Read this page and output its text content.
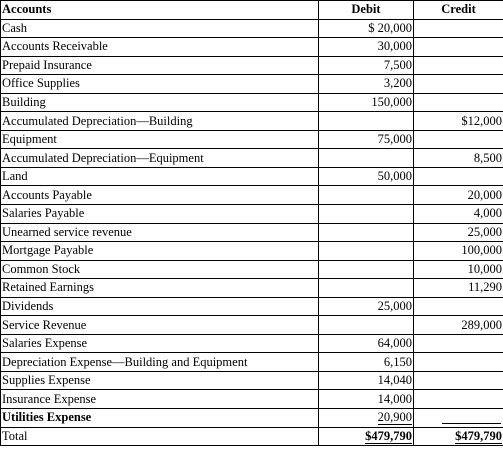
Accounts	Debit	Credit
Cash	$ 20,000	
Accounts Receivable	30,000	
Prepaid Insurance	7,500	
Office Supplies	3,200	
Building	150,000	
Accumulated Depreciation—Building		$12,000
Equipment	75,000	
Accumulated Depreciation—Equipment		8,500
Land	50,000	
Accounts Payable		20,000
Salaries Payable		4,000
Unearned service revenue		25,000
Mortgage Payable		100,000
Common Stock		10,000
Retained Earnings		11,290
Dividends	25,000	
Service Revenue		289,000
Salaries Expense	64,000	
Depreciation Expense—Building and Equipment	6,150	
Supplies Expense	14,040	
Insurance Expense	14,000	
Utilities Expense	20,900	
Total	$479,790	$479,790
